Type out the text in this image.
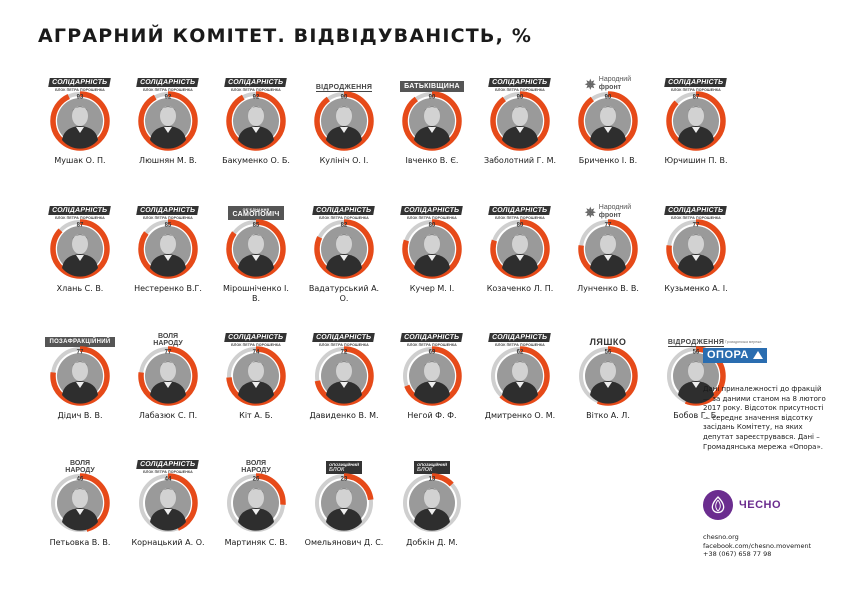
АГРАРНИЙ КОМІТЕТ. ВІДВІДУВАНІСТЬ, %
СОЛІДАРНІСТЬ
БЛОК ПЕТРА ПОРОШЕНКА
93
Мушак О. П.
СОЛІДАРНІСТЬ
БЛОК ПЕТРА ПОРОШЕНКА
92
Люшнян М. В.
СОЛІДАРНІСТЬ
БЛОК ПЕТРА ПОРОШЕНКА
92
Бакуменко О. Б.
ВІДРОДЖЕННЯ
90
Кулініч О. І.
БАТЬКІВЩИНА
90
Івченко В. Є.
СОЛІДАРНІСТЬ
БЛОК ПЕТРА ПОРОШЕНКА
90
Заболотний Г. М.
✵ Народний
фронт
90
Бриченко І. В.
СОЛІДАРНІСТЬ
БЛОК ПЕТРА ПОРОШЕНКА
87
Юрчишин П. В.
СОЛІДАРНІСТЬ
БЛОК ПЕТРА ПОРОШЕНКА
87
Хлань С. В.
СОЛІДАРНІСТЬ
БЛОК ПЕТРА ПОРОШЕНКА
85
Нестеренко В.Г.
ОБ'ЄДНАННЯ
САМОПОМІЧ
85
Мірошніченко І. В.
СОЛІДАРНІСТЬ
БЛОК ПЕТРА ПОРОШЕНКА
82
Вадатурський А. О.
СОЛІДАРНІСТЬ
БЛОК ПЕТРА ПОРОШЕНКА
80
Кучер М. І.
СОЛІДАРНІСТЬ
БЛОК ПЕТРА ПОРОШЕНКА
80
Козаченко Л. П.
✵ Народний
фронт
77
Лунченко В. В.
СОЛІДАРНІСТЬ
БЛОК ПЕТРА ПОРОШЕНКА
77
Кузьменко А. І.
ПОЗАФРАКЦІЙНИЙ
77
Дідич В. В.
ВОЛЯ
НАРОДУ
77
Лабазюк С. П.
СОЛІДАРНІСТЬ
БЛОК ПЕТРА ПОРОШЕНКА
74
Кіт А. Б.
СОЛІДАРНІСТЬ
БЛОК ПЕТРА ПОРОШЕНКА
72
Давиденко В. М.
СОЛІДАРНІСТЬ
БЛОК ПЕТРА ПОРОШЕНКА
69
Негой Ф. Ф.
СОЛІДАРНІСТЬ
БЛОК ПЕТРА ПОРОШЕНКА
62
Дмитренко О. М.
ЛЯШКО
56
Вітко А. Л.
ВІДРОДЖЕННЯ
56
Бобов Г. Б.
ВОЛЯ
НАРОДУ
46
Петьовка В. В.
СОЛІДАРНІСТЬ
БЛОК ПЕТРА ПОРОШЕНКА
44
Корнацький А. О.
ВОЛЯ
НАРОДУ
26
Мартиняк С. В.
ОПОЗИЦІЙНИЙ
БЛОК
23
Омельянович Д. С.
ОПОЗИЦІЙНИЙ
БЛОК
13
Добкін Д. М.
Громадянська мережа
ОПОРА
Дані приналежності до фракцій — за даними станом на 8 лютого 2017 року. Відсоток присутності — середнє значення відсотку засідань Комітету, на яких депутат зареєструвався. Дані – Громадянська мережа «Опора».
ЧЕСНО
chesno.org
facebook.com/chesno.movement
+38 (067) 658 77 98
